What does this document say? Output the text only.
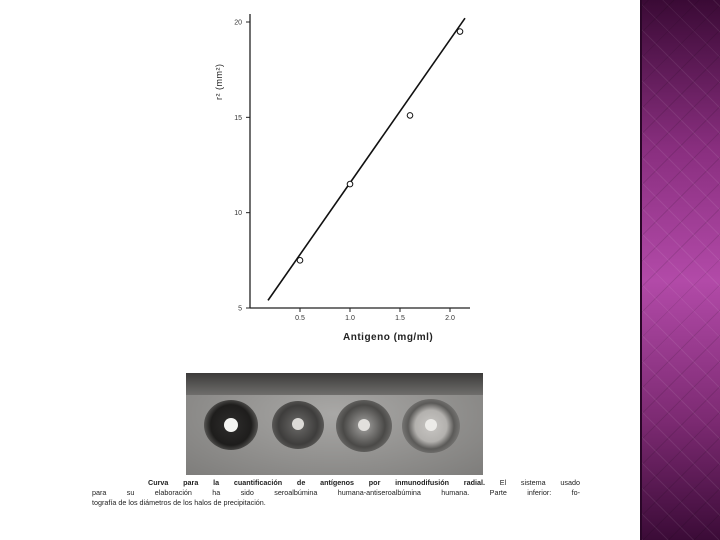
5
10
15
20
0.5	1.0	1.5	2.0
Antigeno (mg/ml)
r² (mm²)
Curva para la cuantificación de antígenos por inmunodifusión radial. El sistema usado
para su elaboración ha sido seroalbúmina humana-antiseroalbúmina humana. Parte inferior: fo-
tografía de los diámetros de los halos de precipitación.
